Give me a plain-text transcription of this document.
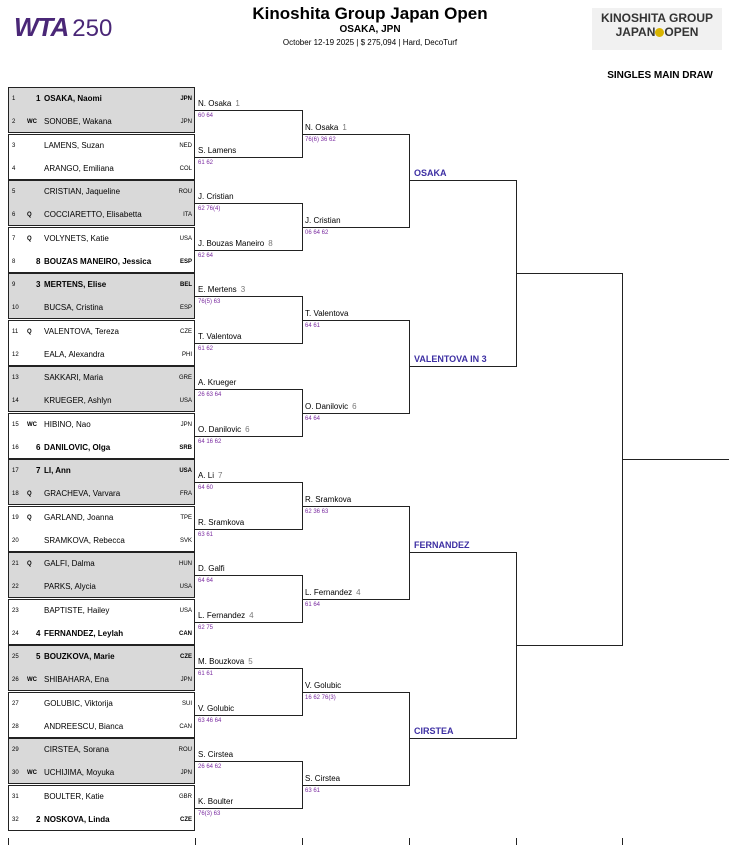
WTA 250
Kinoshita Group Japan Open
OSAKA, JPN
October 12-19 2025 | $ 275,094 | Hard, DecoTurf
KINOSHITA GROUP
JAPAN OPEN
SINGLES MAIN DRAW
1	1 OSAKA, Naomi	JPN
2 WC SONOBE, Wakana	JPN
3	LAMENS, Suzan	NED
4	ARANGO, Emiliana	COL
5	CRISTIAN, Jaqueline	ROU
6 Q COCCIARETTO, Elisabetta	ITA
7 Q VOLYNETS, Katie	USA
8	8 BOUZAS MANEIRO, Jessica	ESP
9	3 MERTENS, Elise	BEL
10	BUCSA, Cristina	ESP
11 Q VALENTOVA, Tereza	CZE
12	EALA, Alexandra	PHI
13	SAKKARI, Maria	GRE
14	KRUEGER, Ashlyn	USA
15 WC HIBINO, Nao	JPN
16 6 DANILOVIC, Olga	SRB
17 7 LI, Ann	USA
18 Q GRACHEVA, Varvara	FRA
19 Q GARLAND, Joanna	TPE
20	SRAMKOVA, Rebecca	SVK
21 Q GALFI, Dalma	HUN
22	PARKS, Alycia	USA
23	BAPTISTE, Hailey	USA
24 4 FERNANDEZ, Leylah	CAN
25 5 BOUZKOVA, Marie	CZE
26 WC SHIBAHARA, Ena	JPN
27	GOLUBIC, Viktorija	SUI
28	ANDREESCU, Bianca	CAN
29	CIRSTEA, Sorana	ROU
30 WC UCHIJIMA, Moyuka	JPN
31	BOULTER, Katie	GBR
32 2 NOSKOVA, Linda	CZE
N. Osaka 1
60 64
S. Lamens
61 62
J. Cristian
62 76(4)
J. Bouzas Maneiro 8
62 64
E. Mertens 3
76(5) 63
T. Valentova
61 62
A. Krueger
26 63 64
O. Danilovic 6
64 16 62
A. Li 7
64 60
R. Sramkova
63 61
D. Galfi
64 64
L. Fernandez 4
62 75
M. Bouzkova 5
61 61
V. Golubic
63 46 64
S. Cirstea
26 64 62
K. Boulter
76(3) 63
N. Osaka 1
76(6) 36 62
J. Cristian
06 64 62
T. Valentova
64 61
O. Danilovic 6
64 64
R. Sramkova
62 36 63
L. Fernandez 4
61 64
V. Golubic
16 62 76(3)
S. Cirstea
63 61
OSAKA
VALENTOVA IN 3
FERNANDEZ
CIRSTEA
